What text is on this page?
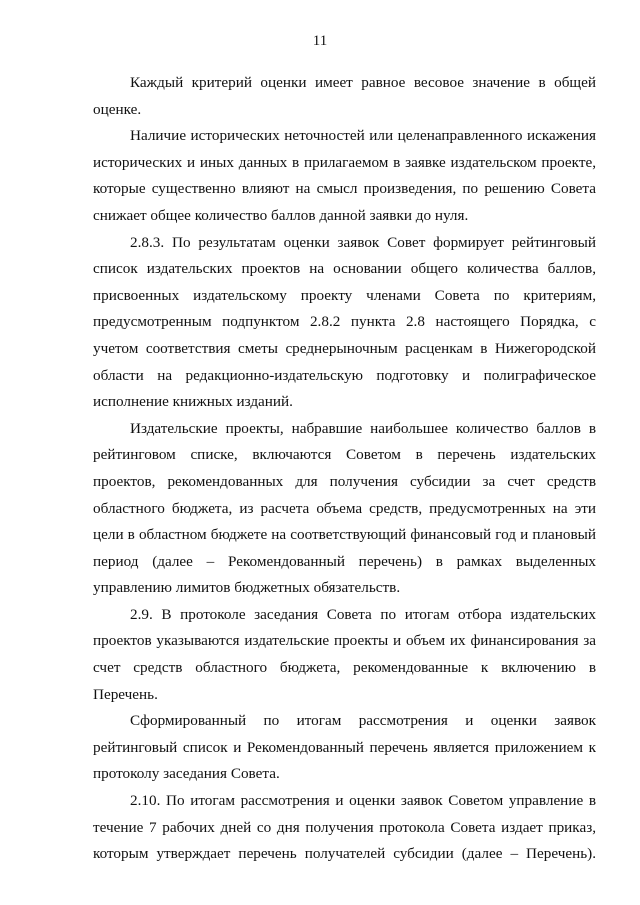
11
Каждый критерий оценки имеет равное весовое значение в общей
оценке.
Наличие исторических неточностей или целенаправленного искажения
исторических и иных данных в прилагаемом в заявке издательском проекте,
которые существенно влияют на смысл произведения, по решению Совета
снижает общее количество баллов данной заявки до нуля.
2.8.3. По результатам оценки заявок Совет формирует рейтинговый
список издательских проектов на основании общего количества баллов,
присвоенных издательскому проекту членами Совета по критериям,
предусмотренным подпунктом 2.8.2 пункта 2.8 настоящего Порядка, с
учетом соответствия сметы среднерыночным расценкам в Нижегородской
области на редакционно-издательскую подготовку и полиграфическое
исполнение книжных изданий.
Издательские проекты, набравшие наибольшее количество баллов в
рейтинговом списке, включаются Советом в перечень издательских
проектов, рекомендованных для получения субсидии за счет средств
областного бюджета, из расчета объема средств, предусмотренных на эти
цели в областном бюджете на соответствующий финансовый год и плановый
период (далее – Рекомендованный перечень) в рамках выделенных
управлению лимитов бюджетных обязательств.
2.9. В протоколе заседания Совета по итогам отбора издательских
проектов указываются издательские проекты и объем их финансирования за
счет средств областного бюджета, рекомендованные к включению в
Перечень.
Сформированный по итогам рассмотрения и оценки заявок
рейтинговый список и Рекомендованный перечень является приложением к
протоколу заседания Совета.
2.10. По итогам рассмотрения и оценки заявок Советом управление в
течение 7 рабочих дней со дня получения протокола Совета издает приказ,
которым утверждает перечень получателей субсидии (далее – Перечень).
